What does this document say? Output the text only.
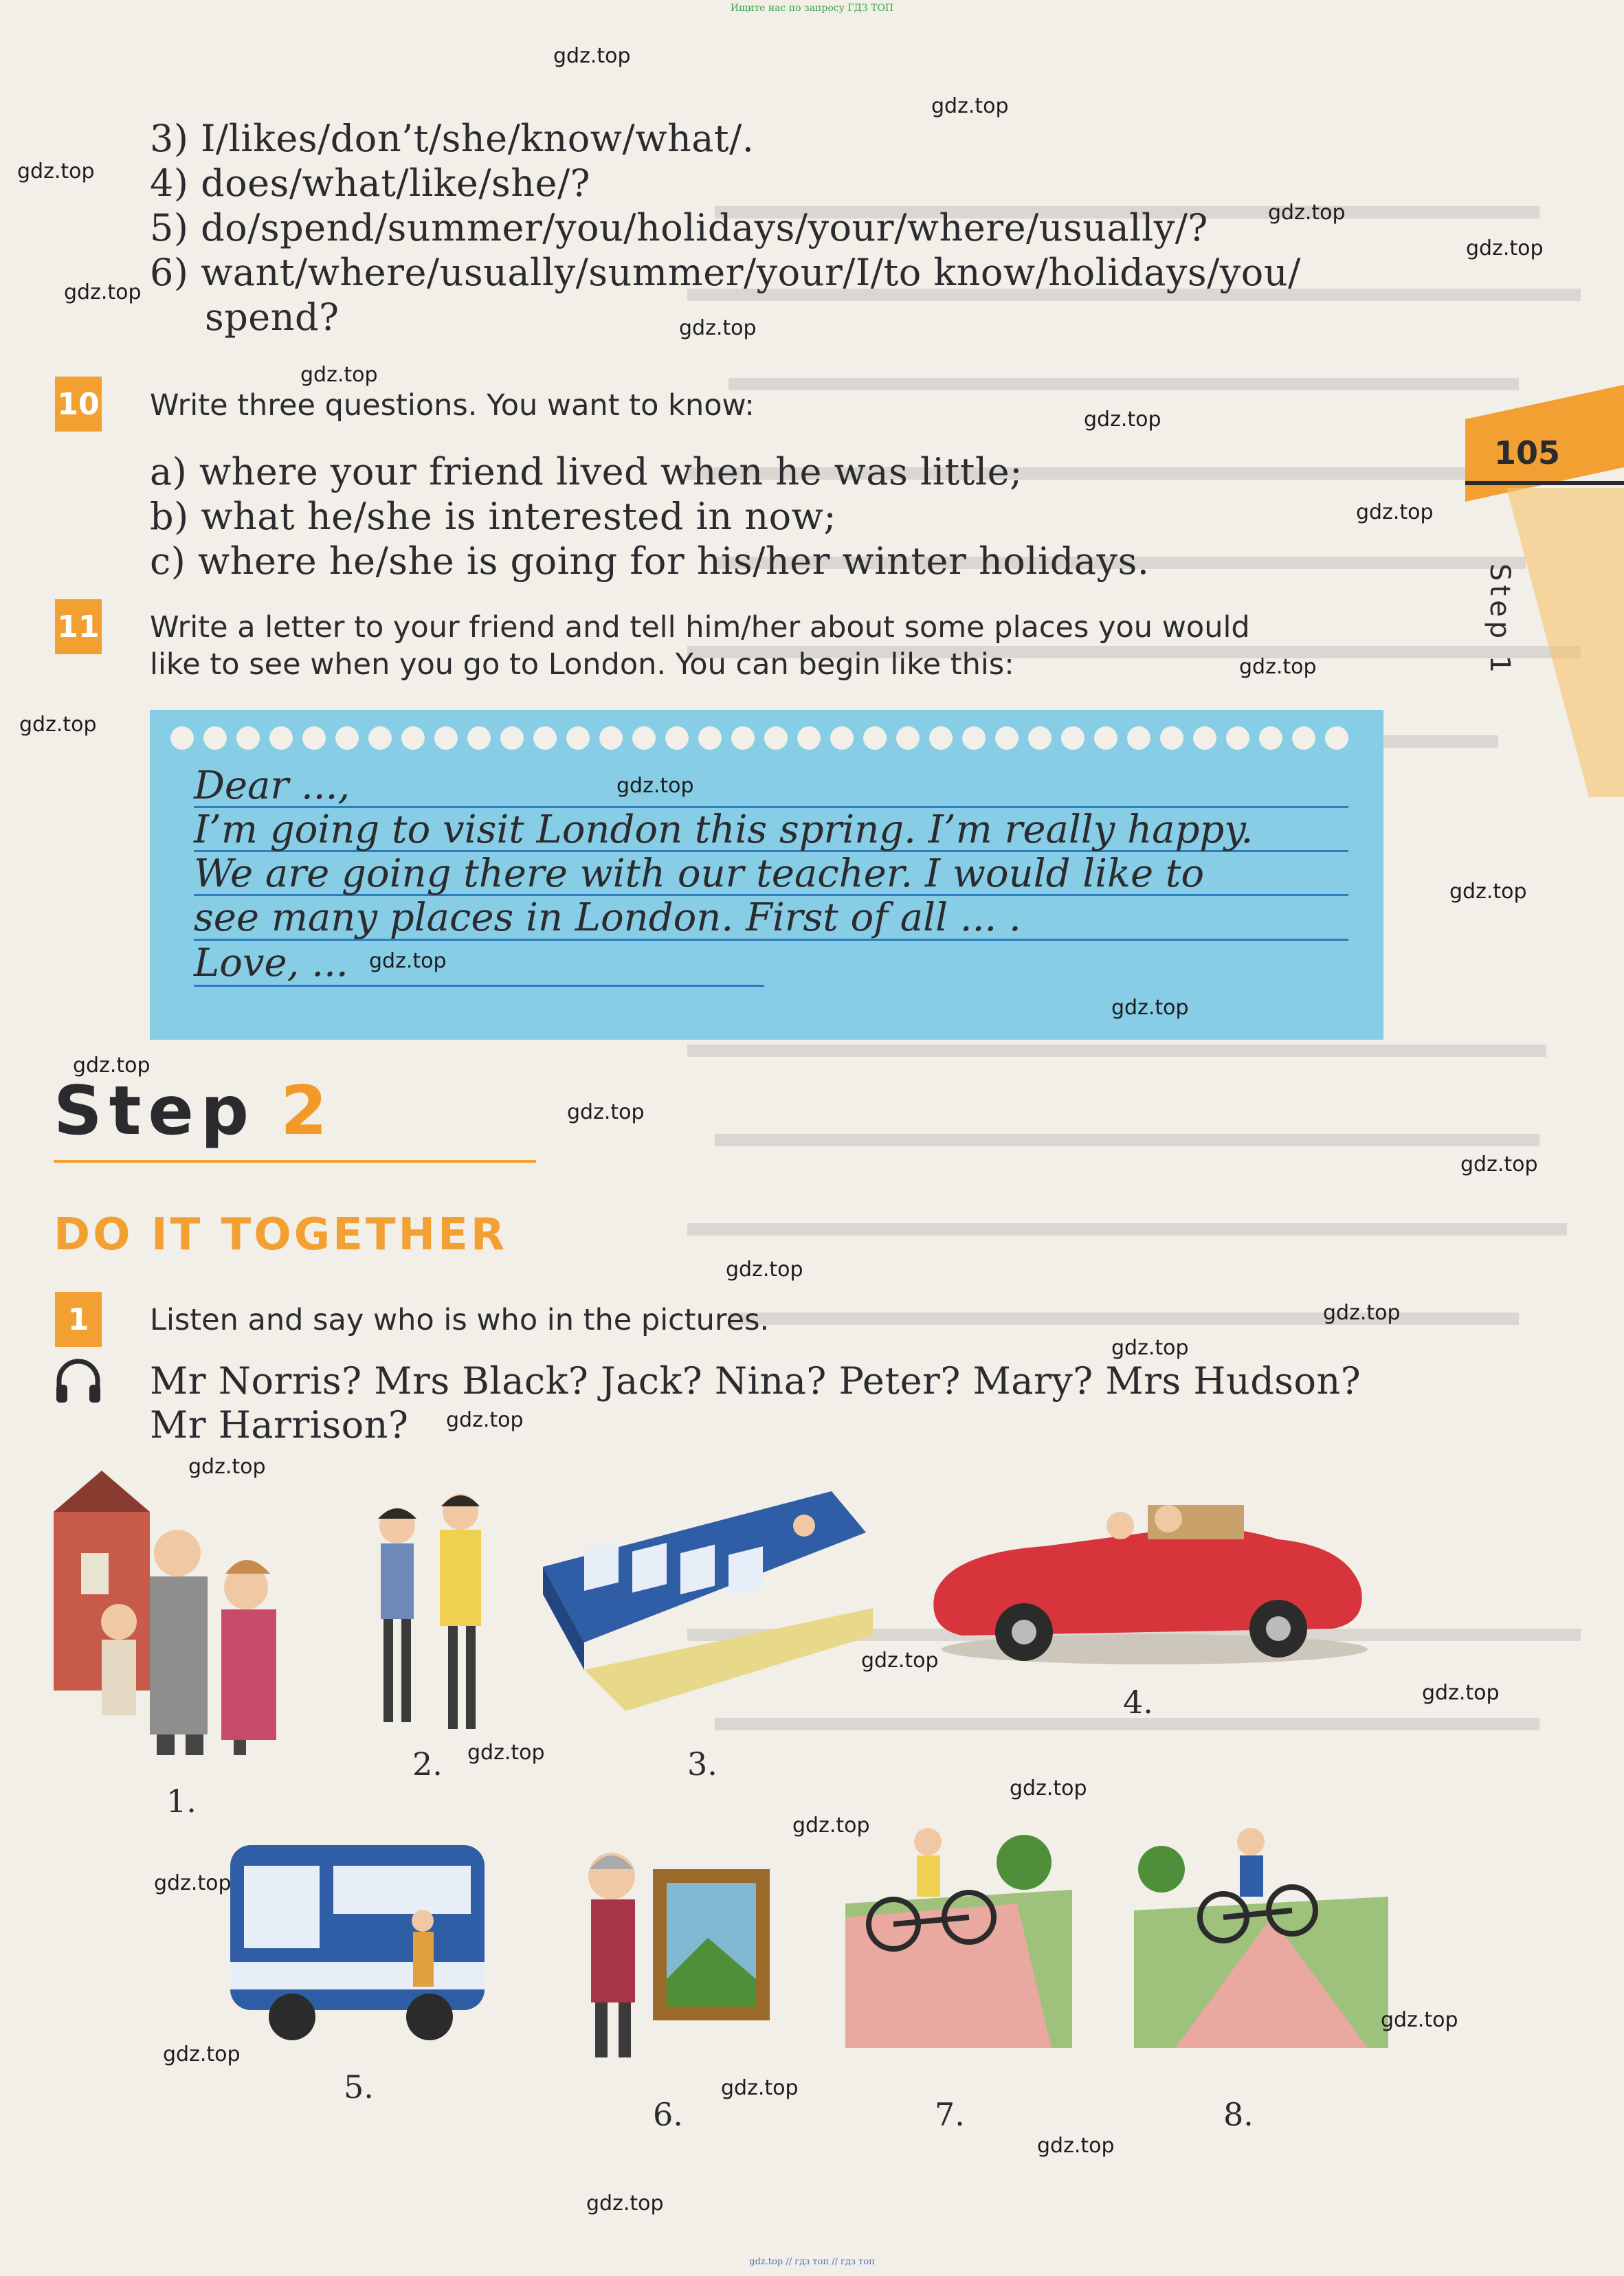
Ищите нас по запросу ГДЗ ТОП
3) I/likes/don’t/she/know/what/.
4) does/what/like/she/?
5) do/spend/summer/you/holidays/your/where/usually/?
6) want/where/usually/summer/your/I/to know/holidays/you/
spend?
10 Write three questions. You want to know:
a) where your friend lived when he was little;
b) what he/she is interested in now;
c) where he/she is going for his/her winter holidays.
11 Write a letter to your friend and tell him/her about some places you would
like to see when you go to London. You can begin like this:
Dear ...,
I’m going to visit London this spring. I’m really happy.
We are going there with our teacher. I would like to
see many places in London. First of all ... .
Love, ...
Step 2
DO IT TOGETHER
1	Listen and say who is who in the pictures.
Mr Norris? Mrs Black? Jack? Nina? Peter? Mary? Mrs Hudson?
Mr Harrison?
1.
2.	3.
4.
5.
6.	7.	8.
105
Step 1
gdz.top
gdz.top
gdz.top
gdz.top
gdz.top
gdz.top
gdz.top
gdz.top
gdz.top
gdz.top
gdz.top
gdz.top
gdz.top
gdz.top
gdz.top
gdz.top
gdz.top
gdz.top
gdz.top
gdz.top
gdz.top
gdz.top
gdz.top
gdz.top
gdz.top
gdz.top
gdz.top
gdz.top
gdz.top
gdz.top
gdz.top
gdz.top
gdz.top
gdz.top
gdz.top
gdz.top // гдз топ // гдз топ
